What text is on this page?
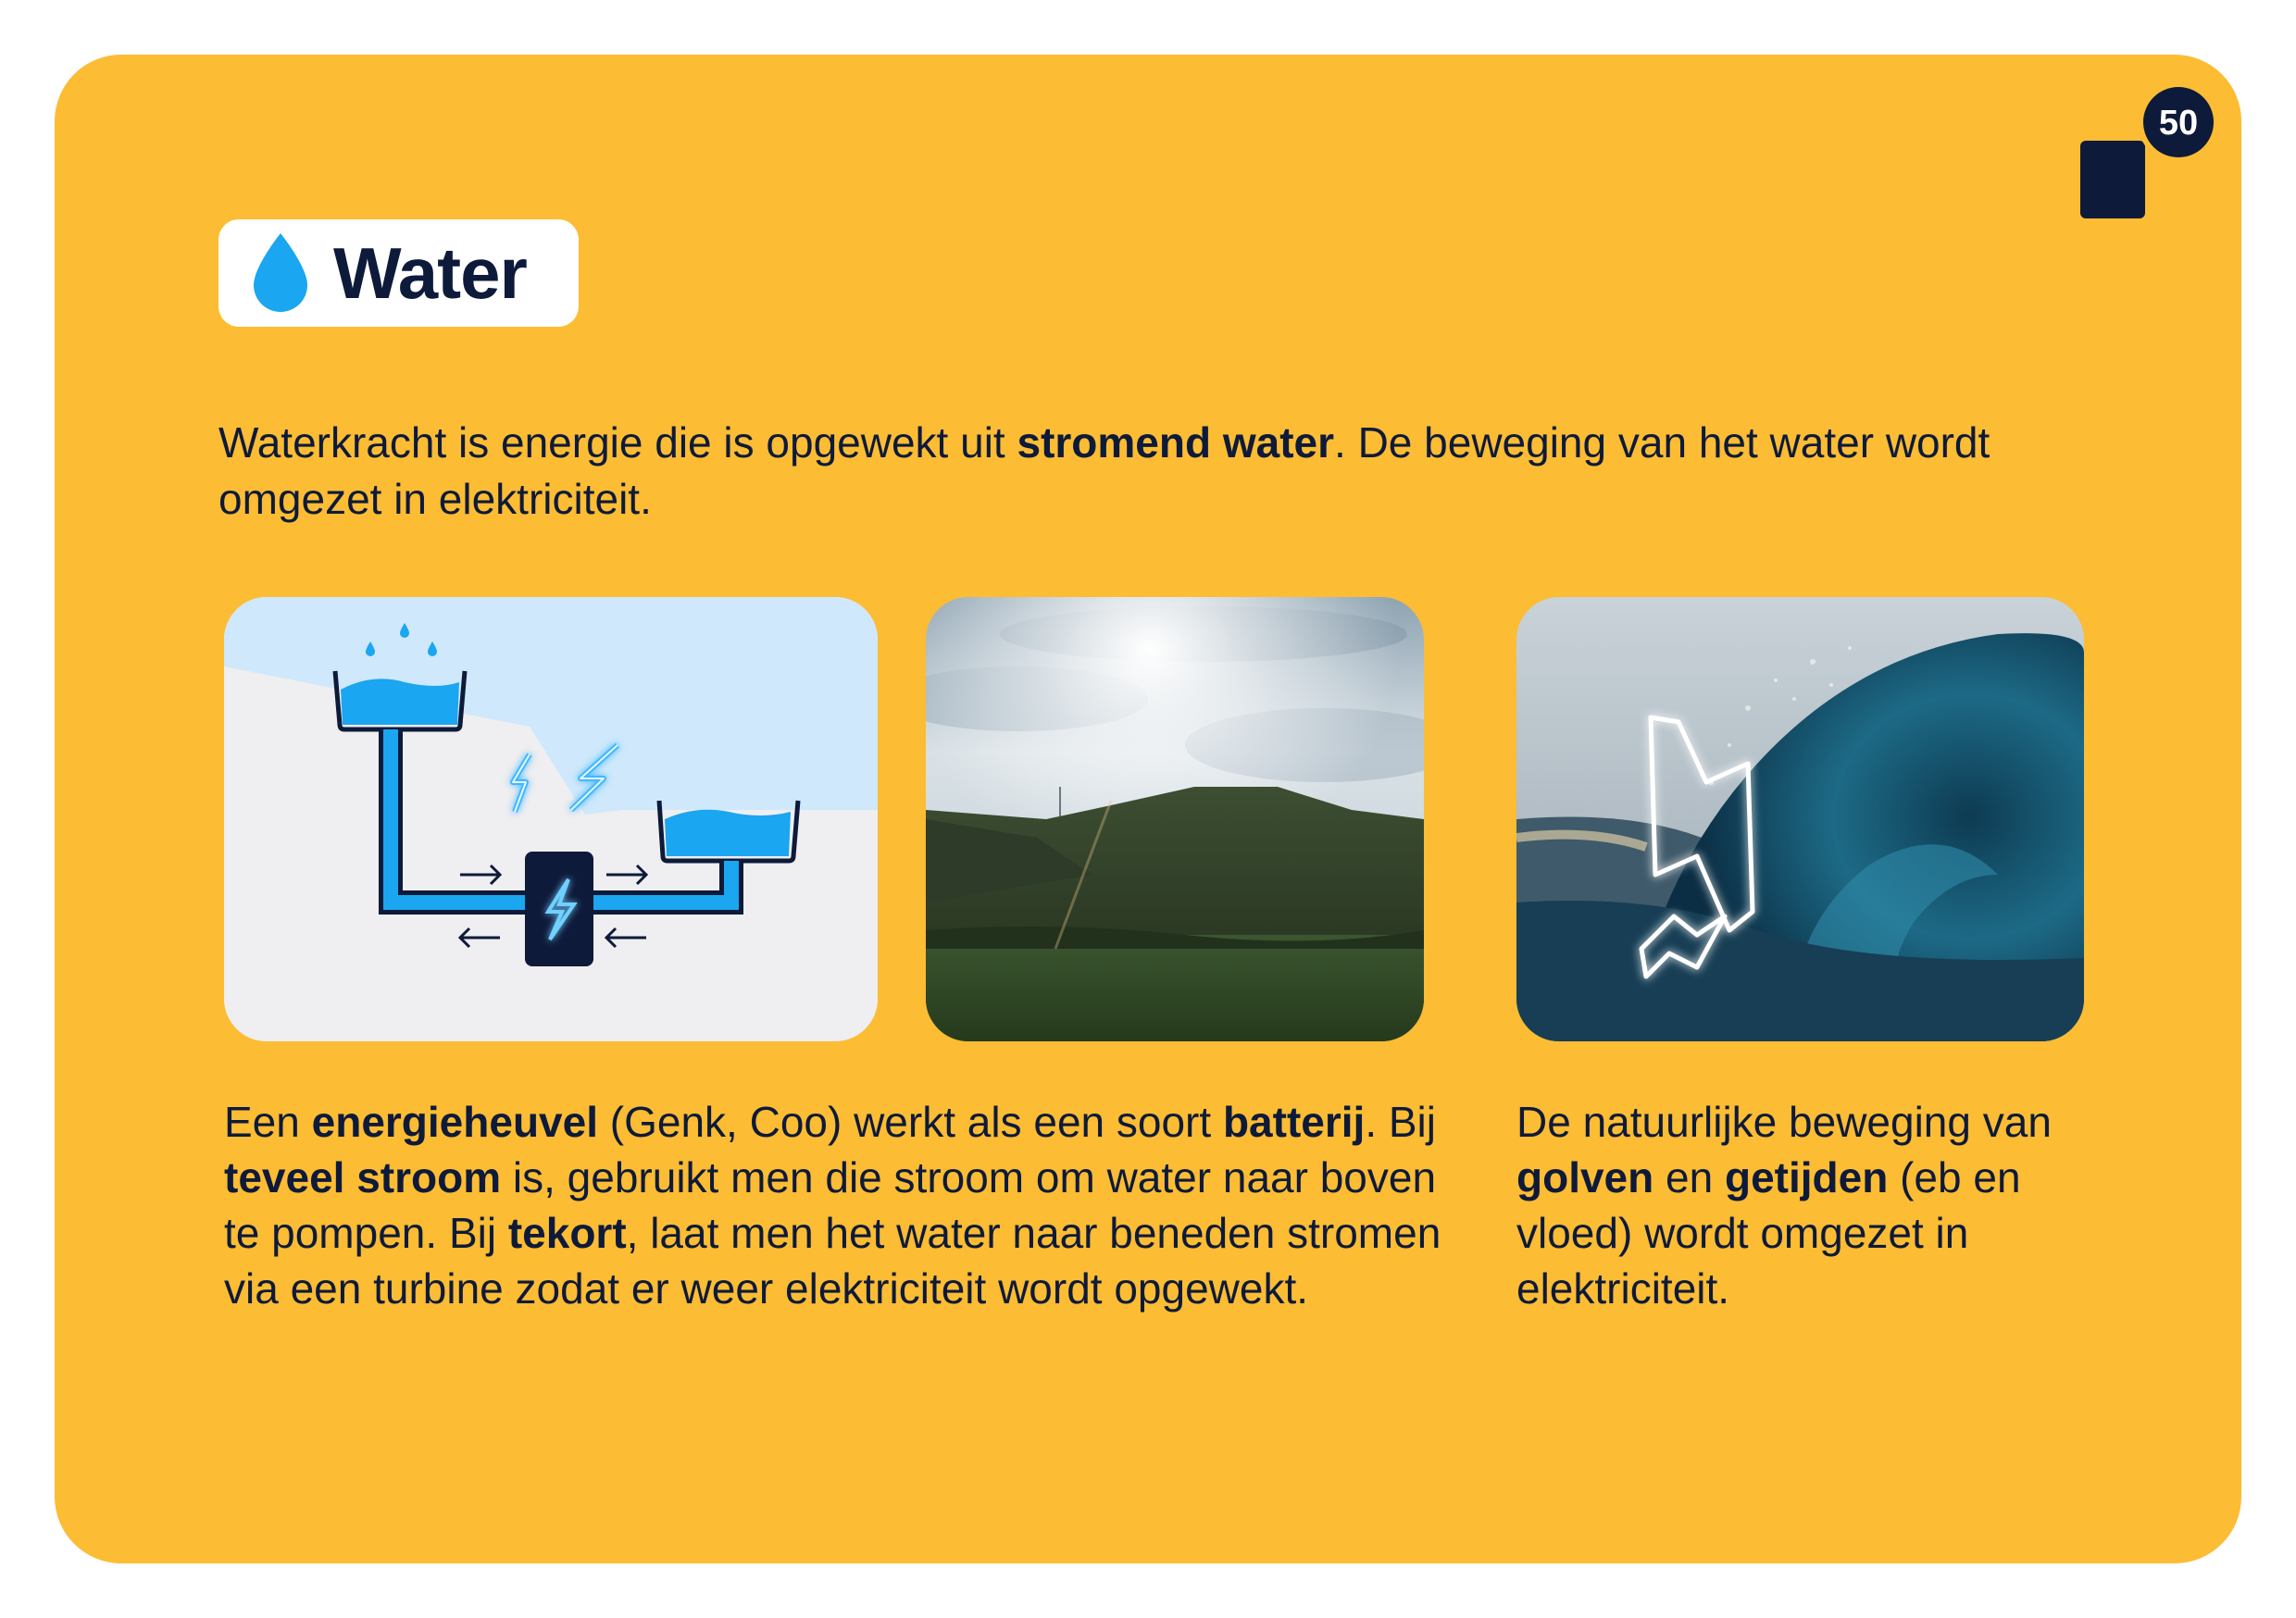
50
Water
Waterkracht is energie die is opgewekt uit stromend water. De beweging van het water wordt omgezet in elektriciteit.
Een energieheuvel (Genk, Coo) werkt als een soort batterij. Bij teveel stroom is, gebruikt men die stroom om water naar boven te pompen. Bij tekort, laat men het water naar beneden stromen via een turbine zodat er weer elektriciteit wordt opgewekt.
De natuurlijke beweging van golven en getijden (eb en vloed) wordt omgezet in elektriciteit.
